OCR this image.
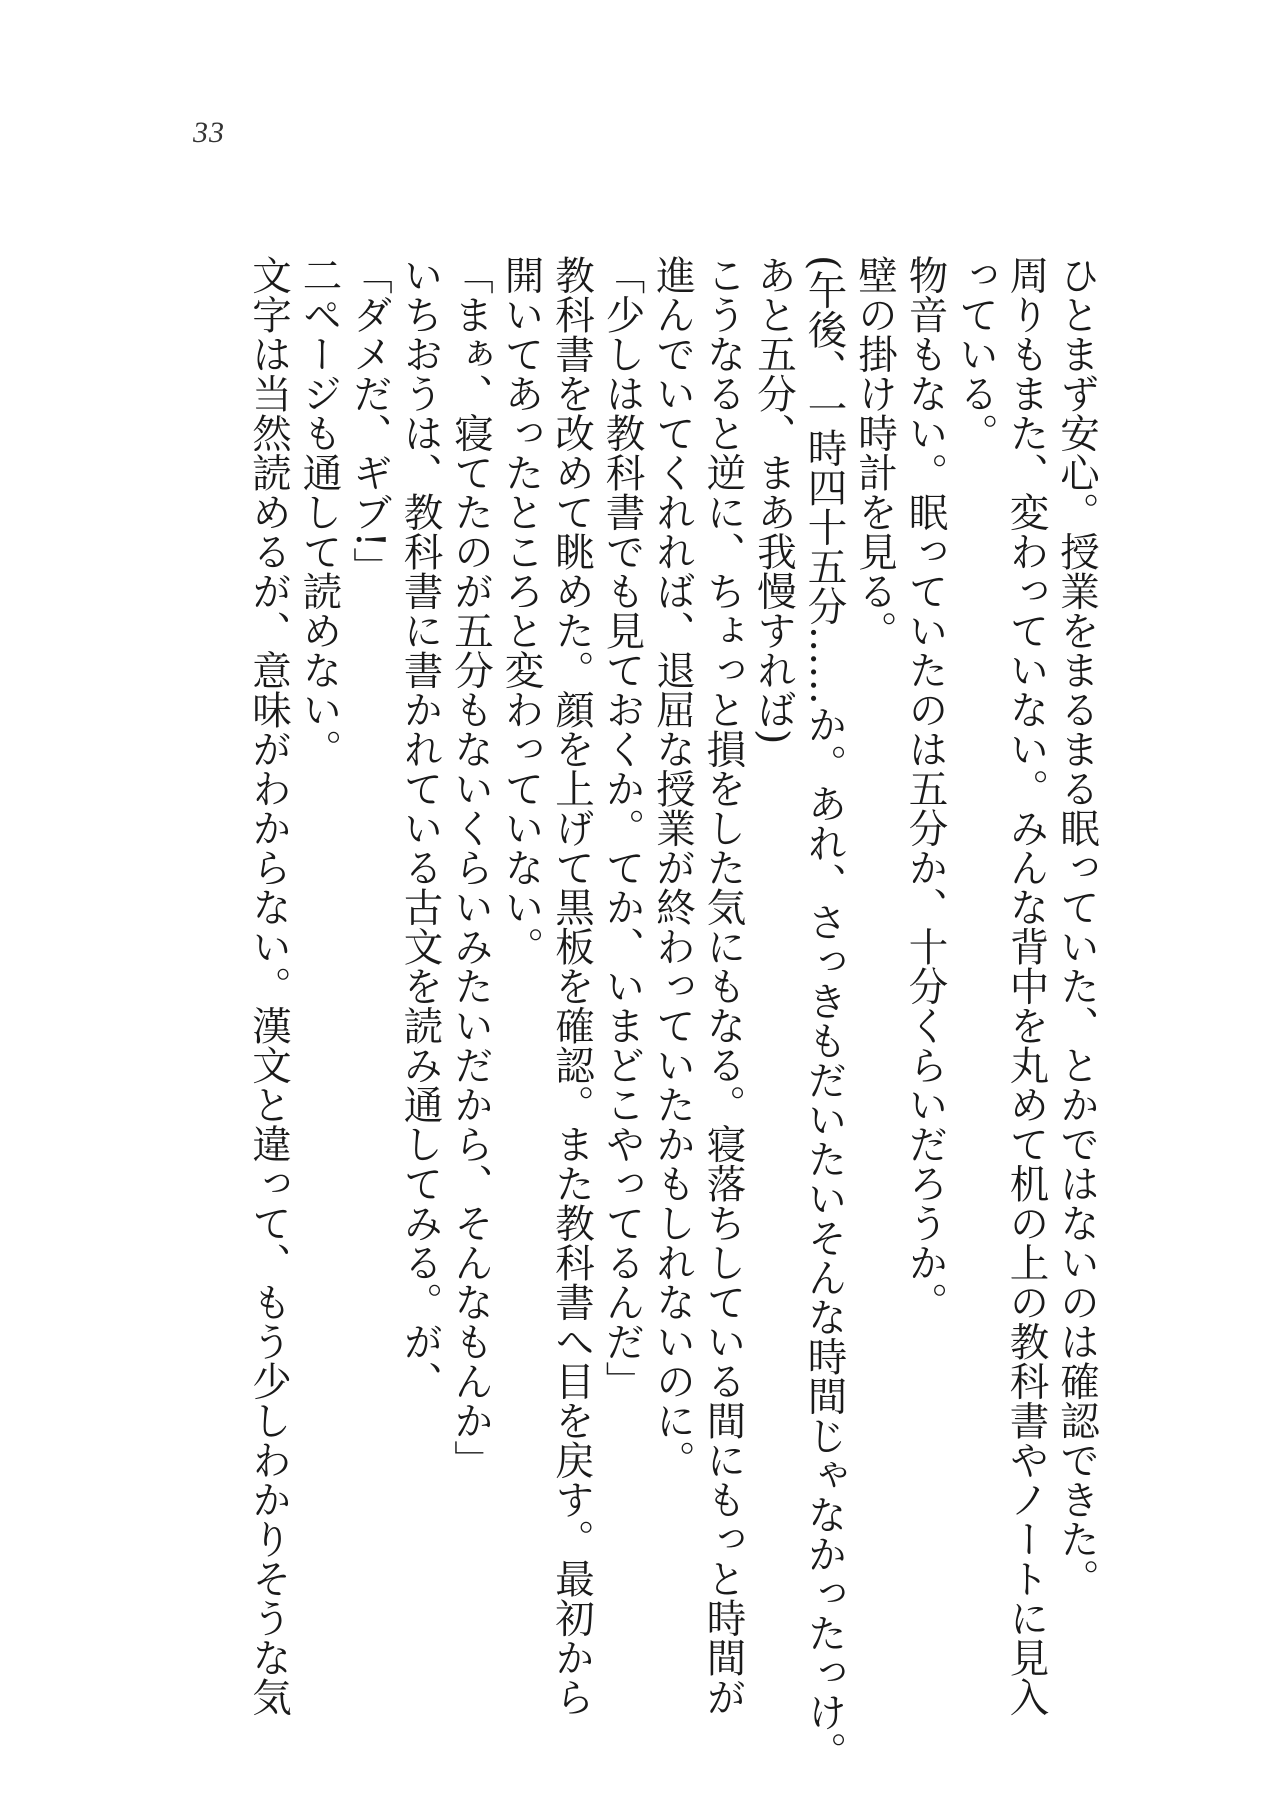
33
ひとまず安心。授業をまるまる眠っていた、とかではないのは確認できた。
周りもまた、変わっていない。みんな背中を丸めて机の上の教科書やノートに見入
っている。
物音もない。眠っていたのは五分か、十分くらいだろうか。
壁の掛け時計を見る。
(午後、一時四十五分……か。あれ、さっきもだいたいそんな時間じゃなかったっけ。
あと五分、まあ我慢すれば)
こうなると逆に、ちょっと損をした気にもなる。寝落ちしている間にもっと時間が
進んでいてくれれば、退屈な授業が終わっていたかもしれないのに。
「少しは教科書でも見ておくか。てか、いまどこやってるんだ」
教科書を改めて眺めた。顔を上げて黒板を確認。また教科書へ目を戻す。最初から
開いてあったところと変わっていない。
「まぁ、寝てたのが五分もないくらいみたいだから、そんなもんか」
いちおうは、教科書に書かれている古文を読み通してみる。が、
「ダメだ、ギブ!」
二ページも通して読めない。
文字は当然読めるが、意味がわからない。漢文と違って、もう少しわかりそうな気
